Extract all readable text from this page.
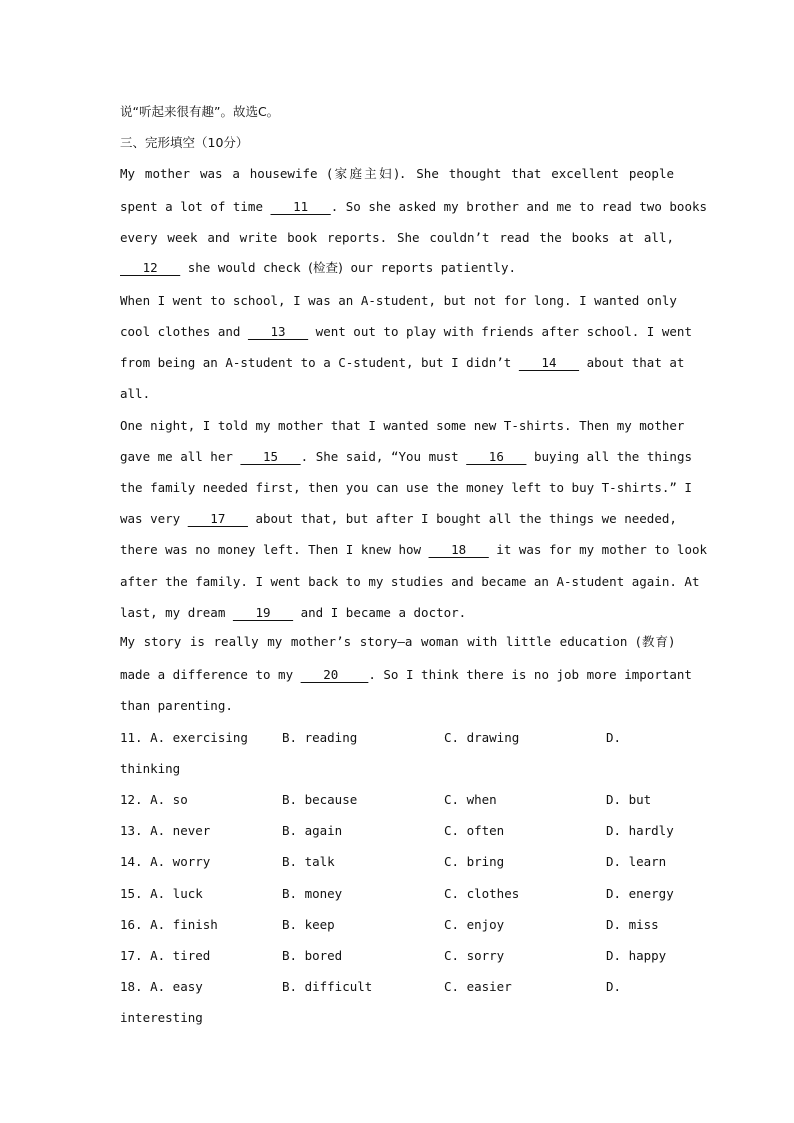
说“听起来很有趣”。故选C。
三、完形填空（10分）
My mother was a housewife (家庭主妇). She thought that excellent people
spent a lot of time    11   . So she asked my brother and me to read two books
every week and write book reports. She couldn’t read the books at all,
12    she would check (检查) our reports patiently.
When I went to school, I was an A-student, but not for long. I wanted only
cool clothes and    13    went out to play with friends after school. I went
from being an A-student to a C-student, but I didn’t    14    about that at
all.
One night, I told my mother that I wanted some new T-shirts. Then my mother
gave me all her    15   . She said, “You must    16    buying all the things
the family needed first, then you can use the money left to buy T-shirts.” I
was very    17    about that, but after I bought all the things we needed,
there was no money left. Then I knew how    18    it was for my mother to look
after the family. I went back to my studies and became an A-student again. At
last, my dream    19    and I became a doctor.
My story is really my mother’s story—a woman with little education (教育)
made a difference to my    20    . So I think there is no job more important
than parenting.
11. A. exercising	B. reading	C. drawing	D.
thinking
12. A. so	B. because	C. when	D. but
13. A. never	B. again	C. often	D. hardly
14. A. worry	B. talk	C. bring	D. learn
15. A. luck	B. money	C. clothes	D. energy
16. A. finish	B. keep	C. enjoy	D. miss
17. A. tired	B. bored	C. sorry	D. happy
18. A. easy	B. difficult	C. easier	D.
interesting
